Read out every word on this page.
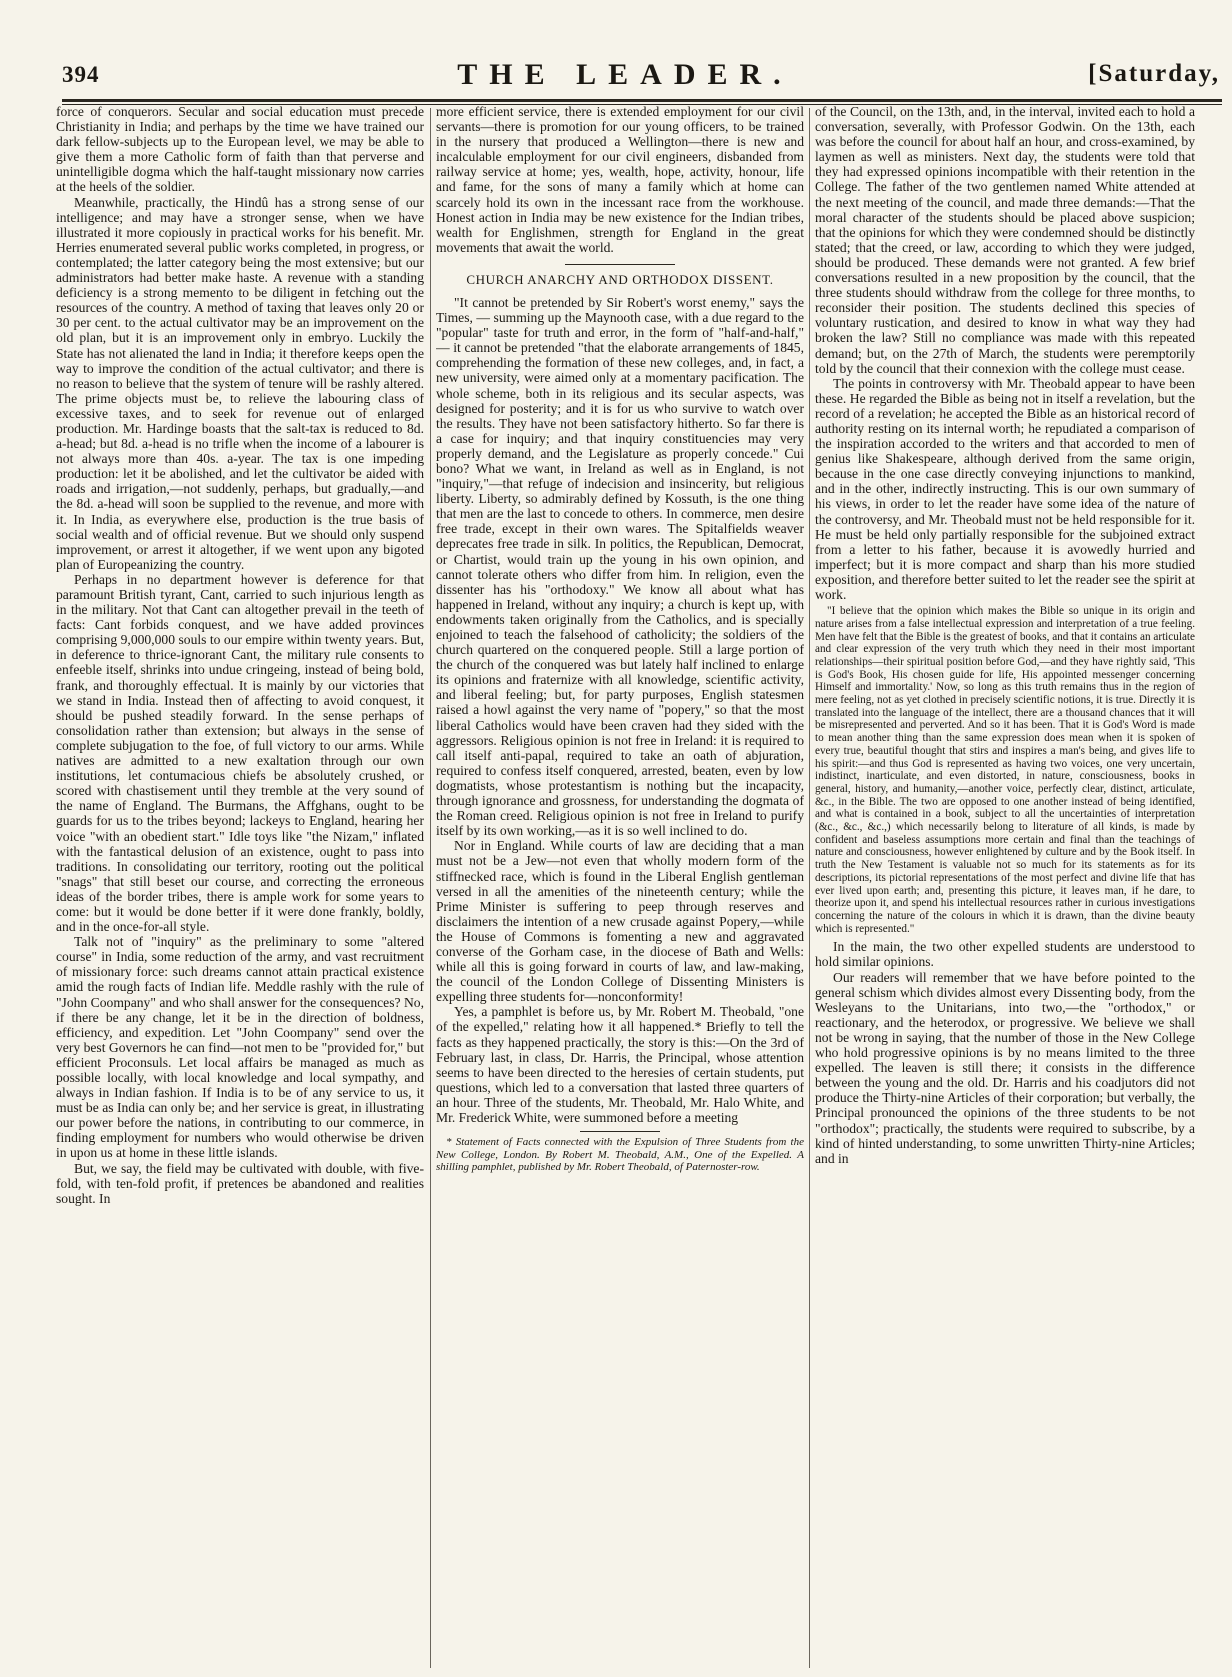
394	THE LEADER.	[Saturday,

force of conquerors. Secular and social education must precede Christianity in India; and perhaps by the time we have trained our dark fellow-subjects up to the European level, we may be able to give them a more Catholic form of faith than that perverse and unintelligible dogma which the half-taught missionary now carries at the heels of the soldier.

Meanwhile, practically, the Hindû has a strong sense of our intelligence; and may have a stronger sense, when we have illustrated it more copiously in practical works for his benefit. Mr. Herries enumerated several public works completed, in progress, or contemplated; the latter category being the most extensive; but our administrators had better make haste. A revenue with a standing deficiency is a strong memento to be diligent in fetching out the resources of the country. A method of taxing that leaves only 20 or 30 per cent. to the actual cultivator may be an improvement on the old plan, but it is an improvement only in embryo. Luckily the State has not alienated the land in India; it therefore keeps open the way to improve the condition of the actual cultivator; and there is no reason to believe that the system of tenure will be rashly altered. The prime objects must be, to relieve the labouring class of excessive taxes, and to seek for revenue out of enlarged production. Mr. Hardinge boasts that the salt-tax is reduced to 8d. a-head; but 8d. a-head is no trifle when the income of a labourer is not always more than 40s. a-year. The tax is one impeding production: let it be abolished, and let the cultivator be aided with roads and irrigation,—not suddenly, perhaps, but gradually,—and the 8d. a-head will soon be supplied to the revenue, and more with it. In India, as everywhere else, production is the true basis of social wealth and of official revenue. But we should only suspend improvement, or arrest it altogether, if we went upon any bigoted plan of Europeanizing the country.

Perhaps in no department however is deference for that paramount British tyrant, Cant, carried to such injurious length as in the military. Not that Cant can altogether prevail in the teeth of facts: Cant forbids conquest, and we have added provinces comprising 9,000,000 souls to our empire within twenty years. But, in deference to thrice-ignorant Cant, the military rule consents to enfeeble itself, shrinks into undue cringeing, instead of being bold, frank, and thoroughly effectual. It is mainly by our victories that we stand in India. Instead then of affecting to avoid conquest, it should be pushed steadily forward. In the sense perhaps of consolidation rather than extension; but always in the sense of complete subjugation to the foe, of full victory to our arms. While natives are admitted to a new exaltation through our own institutions, let contumacious chiefs be absolutely crushed, or scored with chastisement until they tremble at the very sound of the name of England. The Burmans, the Affghans, ought to be guards for us to the tribes beyond; lackeys to England, hearing her voice "with an obedient start." Idle toys like "the Nizam," inflated with the fantastical delusion of an existence, ought to pass into traditions. In consolidating our territory, rooting out the political "snags" that still beset our course, and correcting the erroneous ideas of the border tribes, there is ample work for some years to come: but it would be done better if it were done frankly, boldly, and in the once-for-all style.

Talk not of "inquiry" as the preliminary to some "altered course" in India, some reduction of the army, and vast recruitment of missionary force: such dreams cannot attain practical existence amid the rough facts of Indian life. Meddle rashly with the rule of "John Coompany" and who shall answer for the consequences? No, if there be any change, let it be in the direction of boldness, efficiency, and expedition. Let "John Coompany" send over the very best Governors he can find—not men to be "provided for," but efficient Proconsuls. Let local affairs be managed as much as possible locally, with local knowledge and local sympathy, and always in Indian fashion. If India is to be of any service to us, it must be as India can only be; and her service is great, in illustrating our power before the nations, in contributing to our commerce, in finding employment for numbers who would otherwise be driven in upon us at home in these little islands.

But, we say, the field may be cultivated with double, with five-fold, with ten-fold profit, if pretences be abandoned and realities sought. In

more efficient service, there is extended employment for our civil servants—there is promotion for our young officers, to be trained in the nursery that produced a Wellington—there is new and incalculable employment for our civil engineers, disbanded from railway service at home; yes, wealth, hope, activity, honour, life and fame, for the sons of many a family which at home can scarcely hold its own in the incessant race from the workhouse. Honest action in India may be new existence for the Indian tribes, wealth for Englishmen, strength for England in the great movements that await the world.

CHURCH ANARCHY AND ORTHODOX DISSENT.

"It cannot be pretended by Sir Robert's worst enemy," says the Times, — summing up the Maynooth case, with a due regard to the "popular" taste for truth and error, in the form of "half-and-half," — it cannot be pretended "that the elaborate arrangements of 1845, comprehending the formation of these new colleges, and, in fact, a new university, were aimed only at a momentary pacification. The whole scheme, both in its religious and its secular aspects, was designed for posterity; and it is for us who survive to watch over the results. They have not been satisfactory hitherto. So far there is a case for inquiry; and that inquiry constituencies may very properly demand, and the Legislature as properly concede." Cui bono? What we want, in Ireland as well as in England, is not "inquiry,"—that refuge of indecision and insincerity, but religious liberty. Liberty, so admirably defined by Kossuth, is the one thing that men are the last to concede to others. In commerce, men desire free trade, except in their own wares. The Spitalfields weaver deprecates free trade in silk. In politics, the Republican, Democrat, or Chartist, would train up the young in his own opinion, and cannot tolerate others who differ from him. In religion, even the dissenter has his "orthodoxy." We know all about what has happened in Ireland, without any inquiry; a church is kept up, with endowments taken originally from the Catholics, and is specially enjoined to teach the falsehood of catholicity; the soldiers of the church quartered on the conquered people. Still a large portion of the church of the conquered was but lately half inclined to enlarge its opinions and fraternize with all knowledge, scientific activity, and liberal feeling; but, for party purposes, English statesmen raised a howl against the very name of "popery," so that the most liberal Catholics would have been craven had they sided with the aggressors. Religious opinion is not free in Ireland: it is required to call itself anti-papal, required to take an oath of abjuration, required to confess itself conquered, arrested, beaten, even by low dogmatists, whose protestantism is nothing but the incapacity, through ignorance and grossness, for understanding the dogmata of the Roman creed. Religious opinion is not free in Ireland to purify itself by its own working,—as it is so well inclined to do.

Nor in England. While courts of law are deciding that a man must not be a Jew—not even that wholly modern form of the stiffnecked race, which is found in the Liberal English gentleman versed in all the amenities of the nineteenth century; while the Prime Minister is suffering to peep through reserves and disclaimers the intention of a new crusade against Popery,—while the House of Commons is fomenting a new and aggravated converse of the Gorham case, in the diocese of Bath and Wells: while all this is going forward in courts of law, and law-making, the council of the London College of Dissenting Ministers is expelling three students for—nonconformity!

Yes, a pamphlet is before us, by Mr. Robert M. Theobald, "one of the expelled," relating how it all happened.* Briefly to tell the facts as they happened practically, the story is this:—On the 3rd of February last, in class, Dr. Harris, the Principal, whose attention seems to have been directed to the heresies of certain students, put questions, which led to a conversation that lasted three quarters of an hour. Three of the students, Mr. Theobald, Mr. Halo White, and Mr. Frederick White, were summoned before a meeting

* Statement of Facts connected with the Expulsion of Three Students from the New College, London. By Robert M. Theobald, A.M., One of the Expelled. A shilling pamphlet, published by Mr. Robert Theobald, of Paternoster-row.

of the Council, on the 13th, and, in the interval, invited each to hold a conversation, severally, with Professor Godwin. On the 13th, each was before the council for about half an hour, and cross-examined, by laymen as well as ministers. Next day, the students were told that they had expressed opinions incompatible with their retention in the College. The father of the two gentlemen named White attended at the next meeting of the council, and made three demands:—That the moral character of the students should be placed above suspicion; that the opinions for which they were condemned should be distinctly stated; that the creed, or law, according to which they were judged, should be produced. These demands were not granted. A few brief conversations resulted in a new proposition by the council, that the three students should withdraw from the college for three months, to reconsider their position. The students declined this species of voluntary rustication, and desired to know in what way they had broken the law? Still no compliance was made with this repeated demand; but, on the 27th of March, the students were peremptorily told by the council that their connexion with the college must cease.

The points in controversy with Mr. Theobald appear to have been these. He regarded the Bible as being not in itself a revelation, but the record of a revelation; he accepted the Bible as an historical record of authority resting on its internal worth; he repudiated a comparison of the inspiration accorded to the writers and that accorded to men of genius like Shakespeare, although derived from the same origin, because in the one case directly conveying injunctions to mankind, and in the other, indirectly instructing. This is our own summary of his views, in order to let the reader have some idea of the nature of the controversy, and Mr. Theobald must not be held responsible for it. He must be held only partially responsible for the subjoined extract from a letter to his father, because it is avowedly hurried and imperfect; but it is more compact and sharp than his more studied exposition, and therefore better suited to let the reader see the spirit at work.

"I believe that the opinion which makes the Bible so unique in its origin and nature arises from a false intellectual expression and interpretation of a true feeling. Men have felt that the Bible is the greatest of books, and that it contains an articulate and clear expression of the very truth which they need in their most important relationships—their spiritual position before God,—and they have rightly said, 'This is God's Book, His chosen guide for life, His appointed messenger concerning Himself and immortality.' Now, so long as this truth remains thus in the region of mere feeling, not as yet clothed in precisely scientific notions, it is true. Directly it is translated into the language of the intellect, there are a thousand chances that it will be misrepresented and perverted. And so it has been. That it is God's Word is made to mean another thing than the same expression does mean when it is spoken of every true, beautiful thought that stirs and inspires a man's being, and gives life to his spirit:—and thus God is represented as having two voices, one very uncertain, indistinct, inarticulate, and even distorted, in nature, consciousness, books in general, history, and humanity,—another voice, perfectly clear, distinct, articulate, &c., in the Bible. The two are opposed to one another instead of being identified, and what is contained in a book, subject to all the uncertainties of interpretation (&c., &c., &c.,) which necessarily belong to literature of all kinds, is made by confident and baseless assumptions more certain and final than the teachings of nature and consciousness, however enlightened by culture and by the Book itself. In truth the New Testament is valuable not so much for its statements as for its descriptions, its pictorial representations of the most perfect and divine life that has ever lived upon earth; and, presenting this picture, it leaves man, if he dare, to theorize upon it, and spend his intellectual resources rather in curious investigations concerning the nature of the colours in which it is drawn, than the divine beauty which is represented."

In the main, the two other expelled students are understood to hold similar opinions.

Our readers will remember that we have before pointed to the general schism which divides almost every Dissenting body, from the Wesleyans to the Unitarians, into two,—the "orthodox," or reactionary, and the heterodox, or progressive. We believe we shall not be wrong in saying, that the number of those in the New College who hold progressive opinions is by no means limited to the three expelled. The leaven is still there; it consists in the difference between the young and the old. Dr. Harris and his coadjutors did not produce the Thirty-nine Articles of their corporation; but verbally, the Principal pronounced the opinions of the three students to be not "orthodox"; practically, the students were required to subscribe, by a kind of hinted understanding, to some unwritten Thirty-nine Articles; and in
